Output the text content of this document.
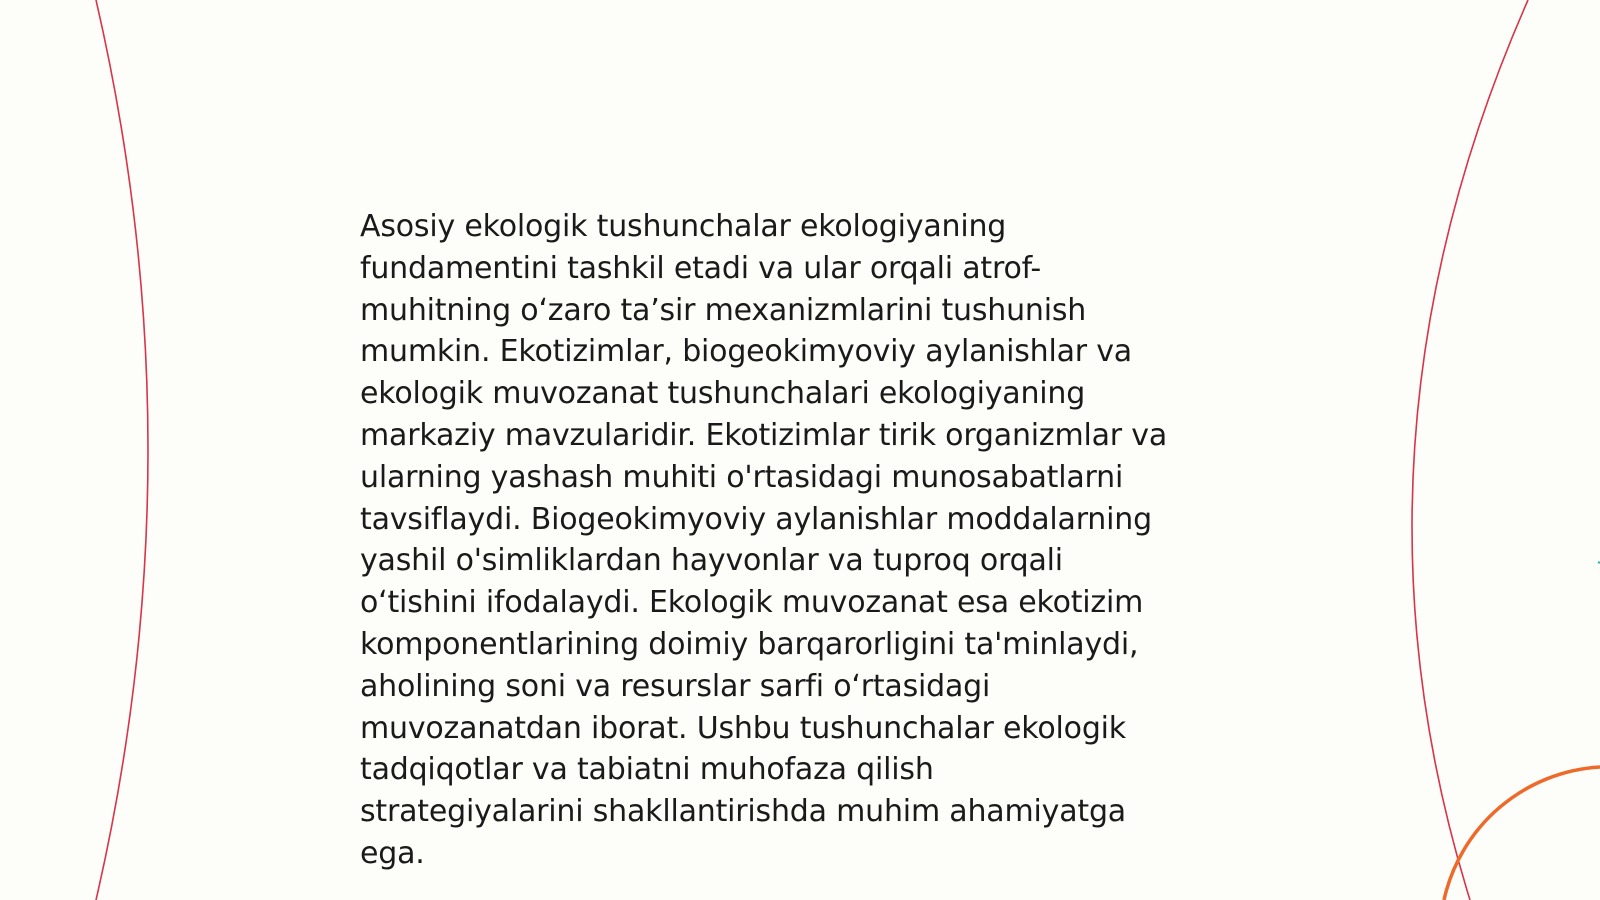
Asosiy ekologik tushunchalar ekologiyaning
fundamentini tashkil etadi va ular orqali atrof-
muhitning o‘zaro ta’sir mexanizmlarini tushunish
mumkin. Ekotizimlar, biogeokimyoviy aylanishlar va
ekologik muvozanat tushunchalari ekologiyaning
markaziy mavzularidir. Ekotizimlar tirik organizmlar va
ularning yashash muhiti o'rtasidagi munosabatlarni
tavsiflaydi. Biogeokimyoviy aylanishlar moddalarning
yashil o'simliklardan hayvonlar va tuproq orqali
o‘tishini ifodalaydi. Ekologik muvozanat esa ekotizim
komponentlarining doimiy barqarorligini ta'minlaydi,
aholining soni va resurslar sarfi o‘rtasidagi
muvozanatdan iborat. Ushbu tushunchalar ekologik
tadqiqotlar va tabiatni muhofaza qilish
strategiyalarini shakllantirishda muhim ahamiyatga
ega.
